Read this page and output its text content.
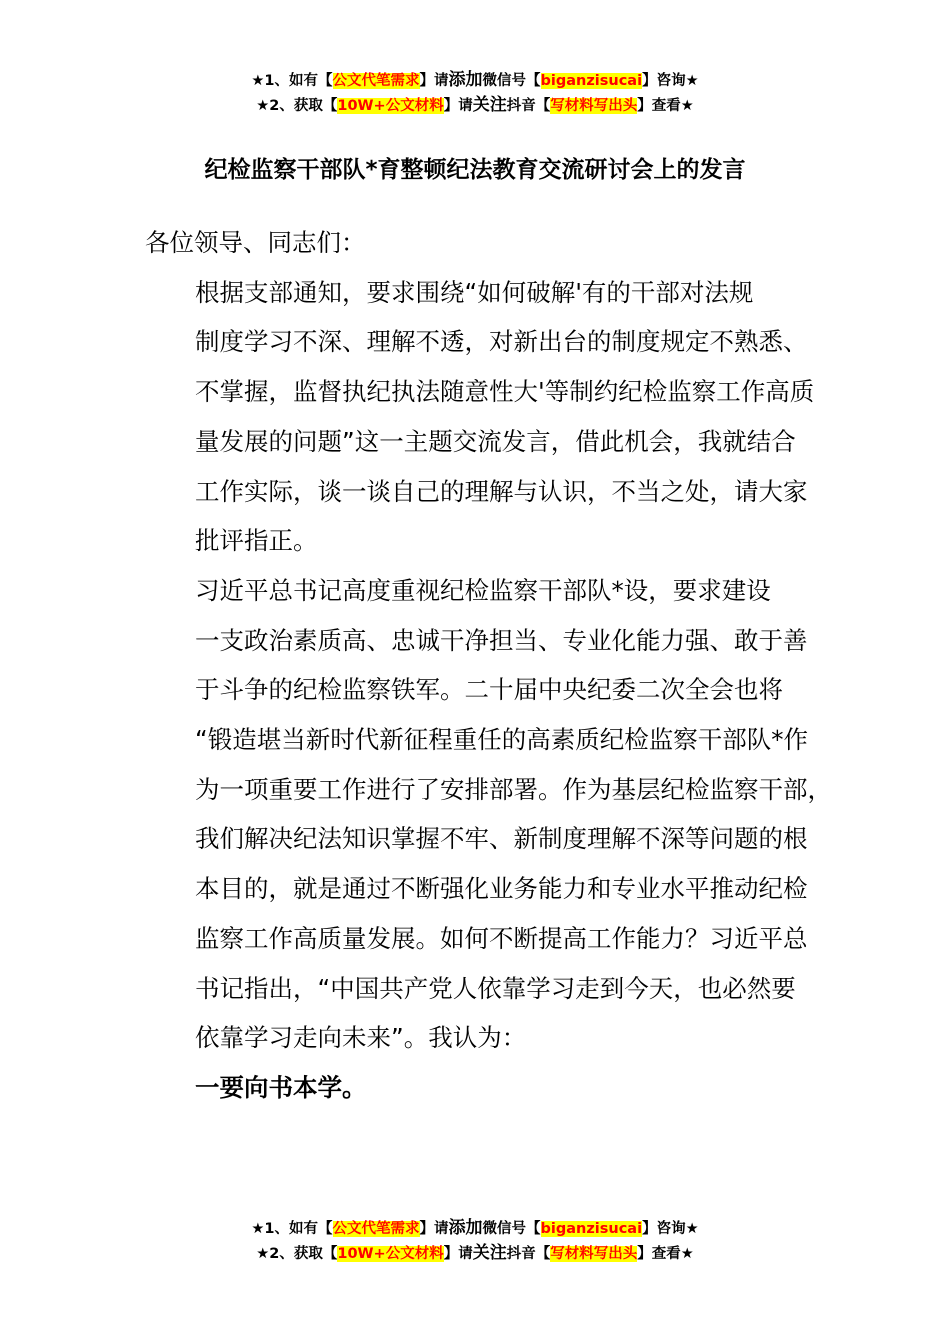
★1、如有【公文代笔需求】请添加微信号【biganzisucai】咨询★
★2、获取【10W+公文材料】请关注抖音【写材料写出头】查看★
纪检监察干部队*育整顿纪法教育交流研讨会上的发言

各位领导、同志们：

根据支部通知，要求围绕“如何破解'有的干部对法规
制度学习不深、理解不透，对新出台的制度规定不熟悉、
不掌握，监督执纪执法随意性大'等制约纪检监察工作高质
量发展的问题”这一主题交流发言，借此机会，我就结合
工作实际，谈一谈自己的理解与认识，不当之处，请大家
批评指正。

习近平总书记高度重视纪检监察干部队*设，要求建设
一支政治素质高、忠诚干净担当、专业化能力强、敢于善
于斗争的纪检监察铁军。二十届中央纪委二次全会也将
“锻造堪当新时代新征程重任的高素质纪检监察干部队*作
为一项重要工作进行了安排部署。作为基层纪检监察干部，
我们解决纪法知识掌握不牢、新制度理解不深等问题的根
本目的，就是通过不断强化业务能力和专业水平推动纪检
监察工作高质量发展。如何不断提高工作能力？习近平总
书记指出，“中国共产党人依靠学习走到今天，也必然要
依靠学习走向未来”。我认为：

一要向书本学。

★1、如有【公文代笔需求】请添加微信号【biganzisucai】咨询★
★2、获取【10W+公文材料】请关注抖音【写材料写出头】查看★
